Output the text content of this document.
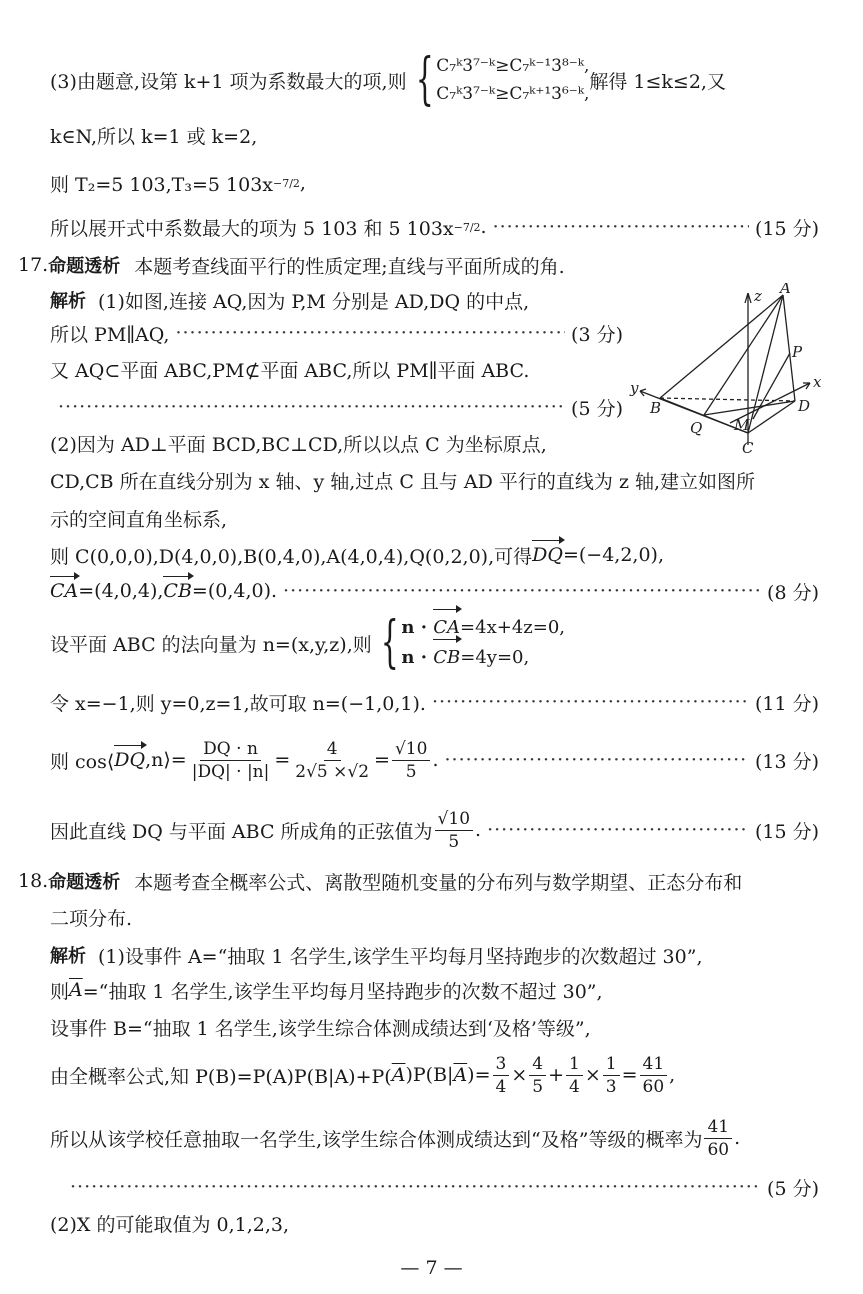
(3)由题意,设第 k+1 项为系数最大的项,则 { C₇ᵏ3⁷⁻ᵏ≥C₇ᵏ⁻¹3⁸⁻ᵏ,
C₇ᵏ3⁷⁻ᵏ≥C₇ᵏ⁺¹3⁶⁻ᵏ,
解得 1≤k≤2,又
k∈N,所以 k=1 或 k=2,
则 T₂=5 103,T₃=5 103x −7/2 ,
所以展开式中系数最大的项为 5 103 和 5 103x −7/2 . ·····	(15 分)
17. 命题透析 本题考查线面平行的性质定理;直线与平面所成的角.
解析 (1)如图,连接 AQ,因为 P,M 分别是 AD,DQ 的中点,
所以 PM∥AQ, ·····	(3 分)
又 AQ⊂平面 ABC,PM⊄平面 ABC,所以 PM∥平面 ABC.
·····
(5 分)
(2)因为 AD⊥平面 BCD,BC⊥CD,所以以点 C 为坐标原点,
z A
P
x
y
B
Q M
D
C
CD,CB 所在直线分别为 x 轴、y 轴,过点 C 且与 AD 平行的直线为 z 轴,建立如图所
示的空间直角坐标系,
则 C(0,0,0),D(4,0,0),B(0,4,0),A(4,0,4),Q(0,2,0),可得 DQ =(−4,2,0),
CA =(4,0,4), CB =(0,4,0). ·····	(8 分)
设平面 ABC 的法向量为 n=(x,y,z),则 { n · CA=4x+4z=0,
n · CB=4y=0,
令 x=−1,则 y=0,z=1,故可取 n=(−1,0,1). ·····	(11 分)
则 cos⟨ DQ ,n⟩= $\frac{DQ \cdot n}{|DQ| \cdot |n|} = \frac{4}{2√5 \times√2} = \frac{√10}{5}$ . ·····	(13 分)
因此直线 DQ 与平面 ABC 所成角的正弦值为 $\frac{√10}{5}$ . ·····	(15 分)
18. 命题透析 本题考查全概率公式、离散型随机变量的分布列与数学期望、正态分布和
二项分布.
解析 (1)设事件 A=“抽取 1 名学生,该学生平均每月坚持跑步的次数超过 30”,
则 $\overline{A}$ =“抽取 1 名学生,该学生平均每月坚持跑步的次数不超过 30”,
设事件 B=“抽取 1 名学生,该学生综合体测成绩达到‘及格’等级”,
由全概率公式,知 P(B)=P(A)P(B|A)+P( $\overline{A}$ )P(B| $\overline{A}$ )= $\frac{3}{4} \times \frac{4}{5} + \frac{1}{4} \times \frac{1}{3} = \frac{41}{60}$ ,
所以从该学校任意抽取一名学生,该学生综合体测成绩达到“及格”等级的概率为 $\frac{41}{60}$ .
·····
(5 分)
(2)X 的可能取值为 0,1,2,3,
— 7 —
